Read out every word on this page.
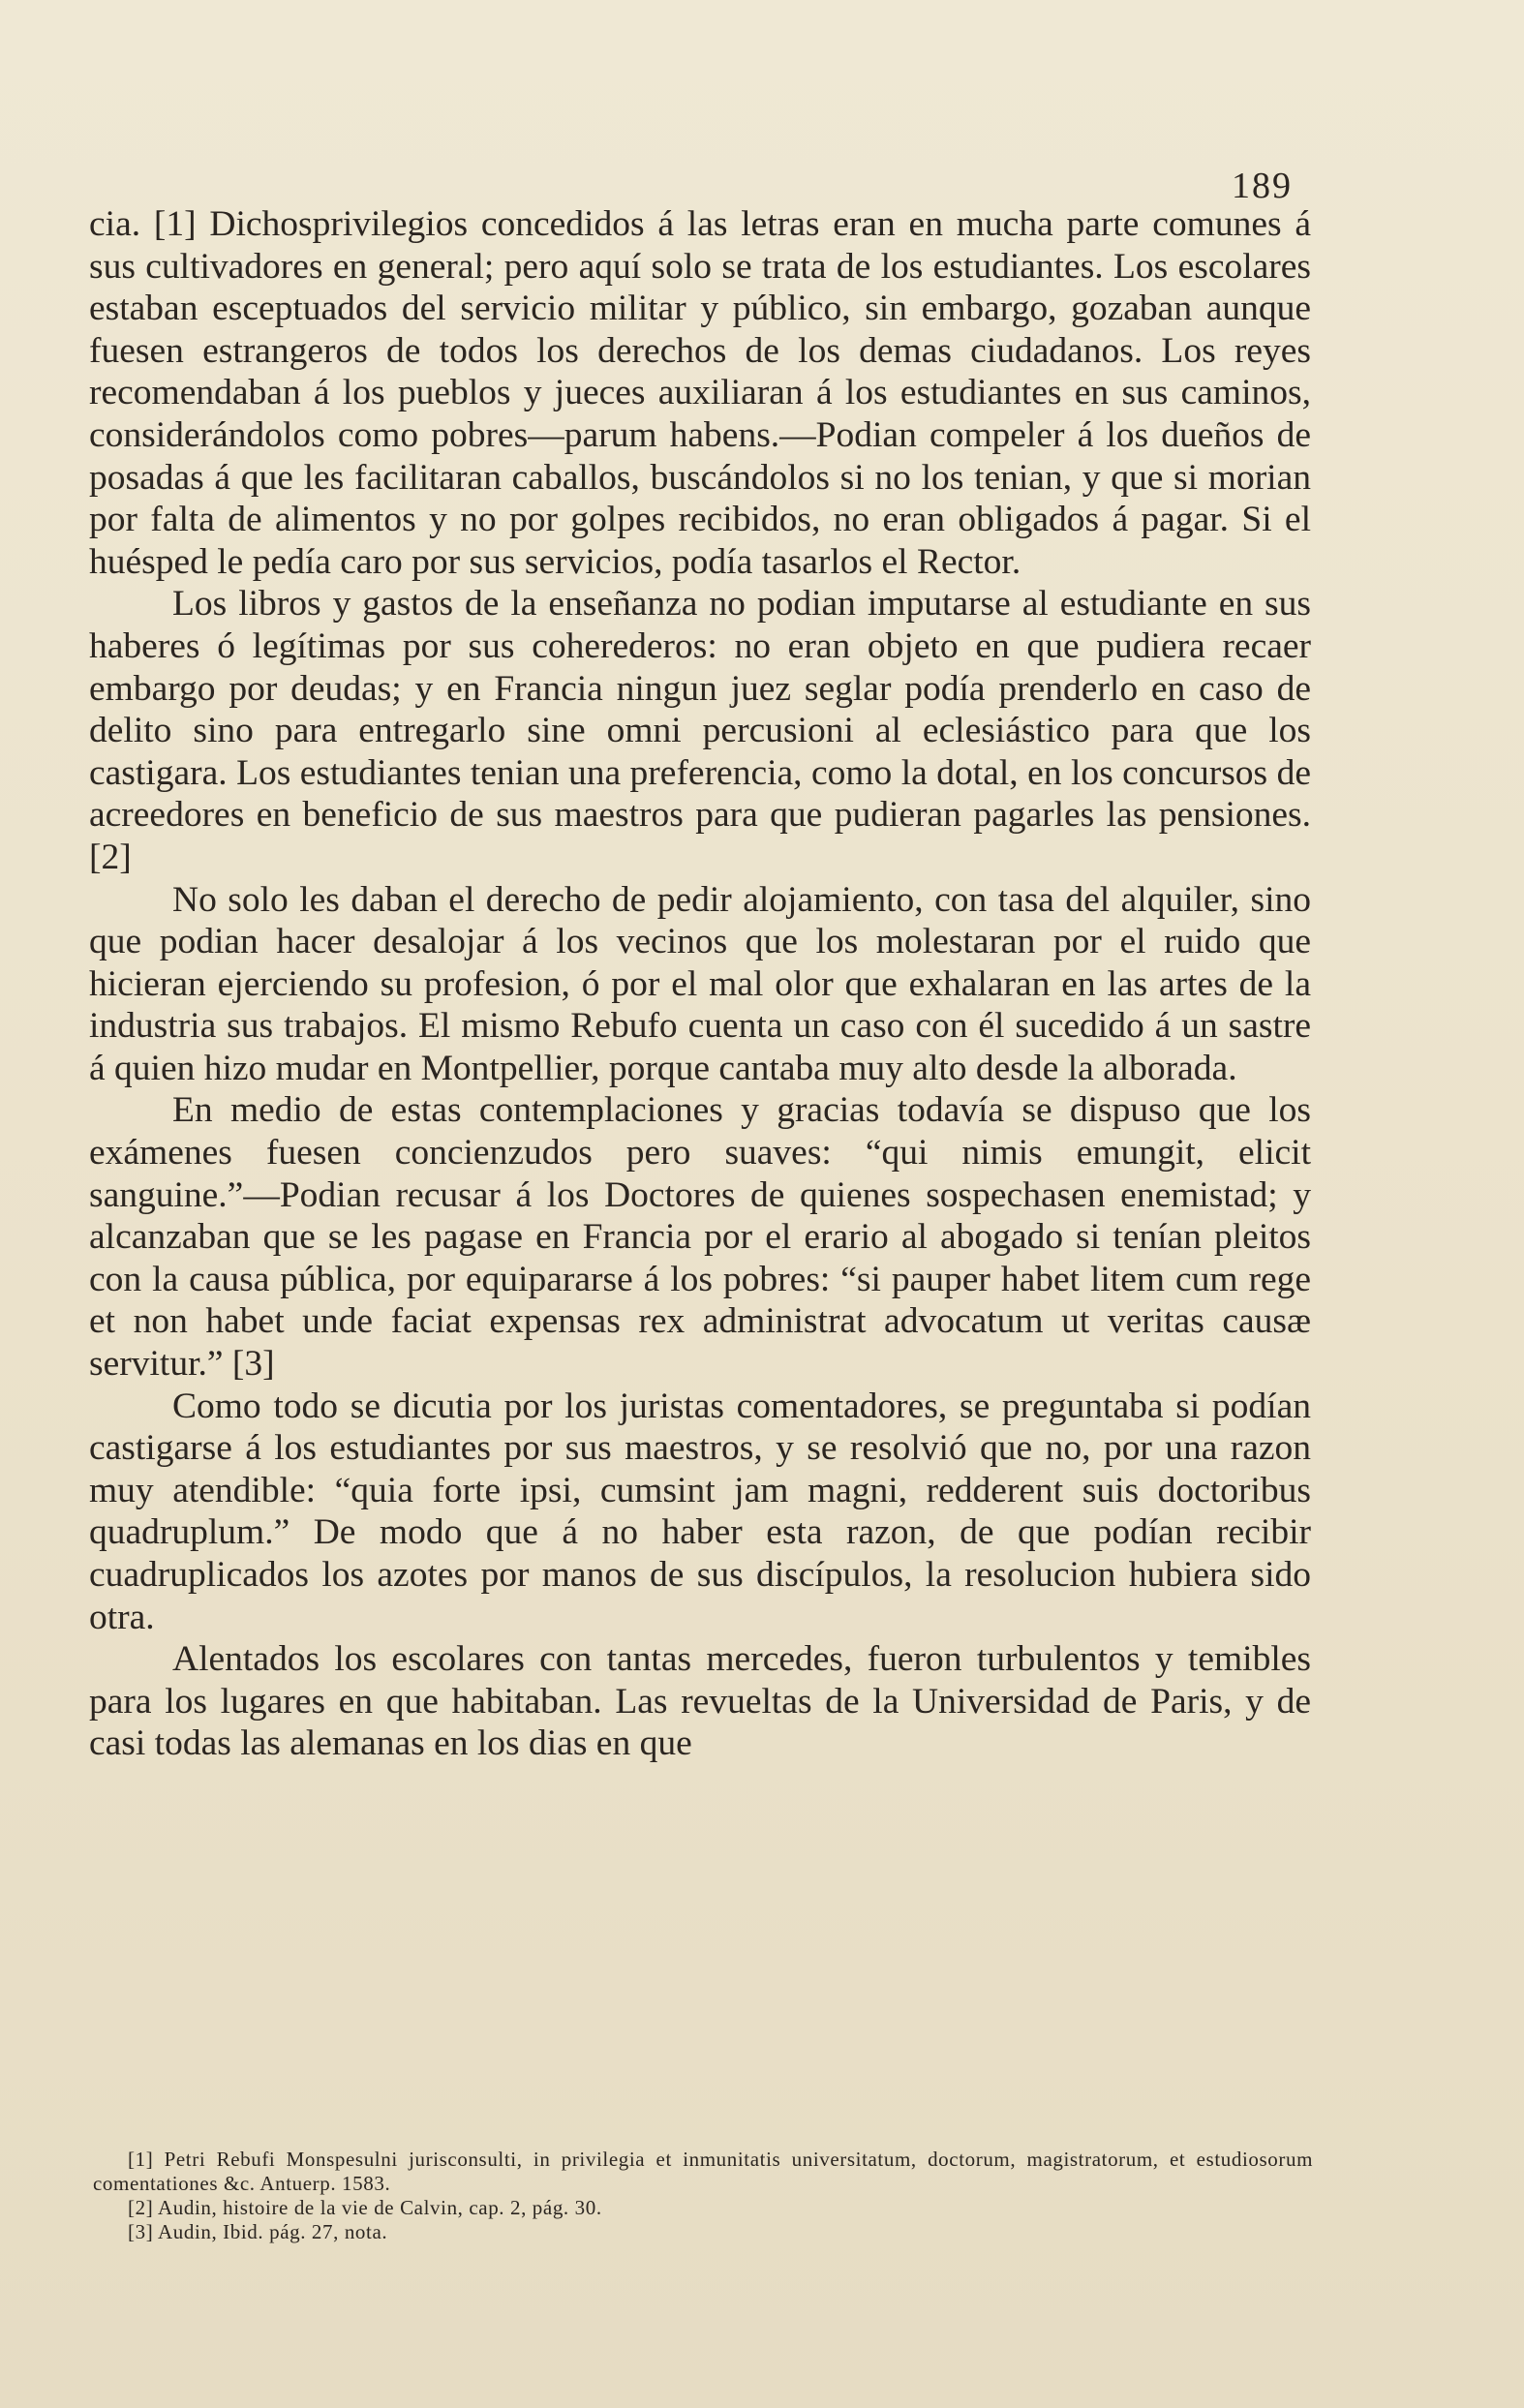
189

cia. [1] Dichosprivilegios concedidos á las letras eran en mucha parte comunes á sus cultivadores en general; pero aquí solo se trata de los estudiantes. Los escolares estaban esceptuados del servicio militar y público, sin embargo, gozaban aunque fuesen estrangeros de todos los derechos de los demas ciudadanos. Los reyes recomendaban á los pueblos y jueces auxiliaran á los estudiantes en sus caminos, considerándolos como pobres—parum habens.—Podian compeler á los dueños de posadas á que les facilitaran caballos, buscándolos si no los tenian, y que si morian por falta de alimentos y no por golpes recibidos, no eran obligados á pagar. Si el huésped le pedía caro por sus servicios, podía tasarlos el Rector.

Los libros y gastos de la enseñanza no podian imputarse al estudiante en sus haberes ó legítimas por sus coherederos: no eran objeto en que pudiera recaer embargo por deudas; y en Francia ningun juez seglar podía prenderlo en caso de delito sino para entregarlo sine omni percusioni al eclesiástico para que los castigara. Los estudiantes tenian una preferencia, como la dotal, en los concursos de acreedores en beneficio de sus maestros para que pudieran pagarles las pensiones. [2]

No solo les daban el derecho de pedir alojamiento, con tasa del alquiler, sino que podian hacer desalojar á los vecinos que los molestaran por el ruido que hicieran ejerciendo su profesion, ó por el mal olor que exhalaran en las artes de la industria sus trabajos. El mismo Rebufo cuenta un caso con él sucedido á un sastre á quien hizo mudar en Montpellier, porque cantaba muy alto desde la alborada.

En medio de estas contemplaciones y gracias todavía se dispuso que los exámenes fuesen concienzudos pero suaves: “qui nimis emungit, elicit sanguine.”—Podian recusar á los Doctores de quienes sospechasen enemistad; y alcanzaban que se les pagase en Francia por el erario al abogado si tenían pleitos con la causa pública, por equipararse á los pobres: “si pauper habet litem cum rege et non habet unde faciat expensas rex administrat advocatum ut veritas causæ servitur.” [3]

Como todo se dicutia por los juristas comentadores, se preguntaba si podían castigarse á los estudiantes por sus maestros, y se resolvió que no, por una razon muy atendible: “quia forte ipsi, cumsint jam magni, redderent suis doctoribus quadruplum.” De modo que á no haber esta razon, de que podían recibir cuadruplicados los azotes por manos de sus discípulos, la resolucion hubiera sido otra.

Alentados los escolares con tantas mercedes, fueron turbulentos y temibles para los lugares en que habitaban. Las revueltas de la Universidad de Paris, y de casi todas las alemanas en los dias en que

[1] Petri Rebufi Monspesulni jurisconsulti, in privilegia et inmunitatis universitatum, doctorum, magistratorum, et estudiosorum comentationes &c. Antuerp. 1583.

[2] Audin, histoire de la vie de Calvin, cap. 2, pág. 30.

[3] Audin, Ibid. pág. 27, nota.
